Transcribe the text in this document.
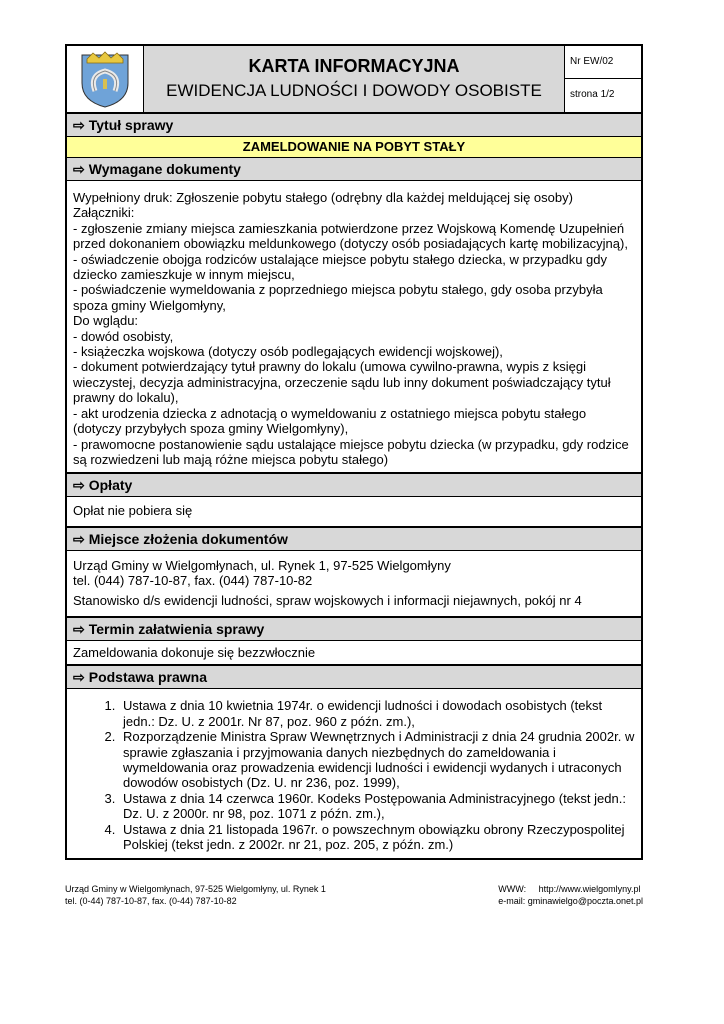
KARTA INFORMACYJNA
EWIDENCJA LUDNOŚCI I DOWODY OSOBISTE
Nr EW/02
strona 1/2
⇨ Tytuł sprawy
ZAMELDOWANIE NA POBYT STAŁY
⇨ Wymagane dokumenty

Wypełniony druk: Zgłoszenie pobytu stałego (odrębny dla każdej meldującej się osoby)

Załączniki:

- zgłoszenie zmiany miejsca zamieszkania potwierdzone przez Wojskową Komendę Uzupełnień przed dokonaniem obowiązku meldunkowego (dotyczy osób posiadających kartę mobilizacyjną),

- oświadczenie obojga rodziców ustalające miejsce pobytu stałego dziecka, w przypadku gdy dziecko zamieszkuje w innym miejscu,

- poświadczenie wymeldowania z poprzedniego miejsca pobytu stałego, gdy osoba przybyła spoza gminy Wielgomłyny,

Do wglądu:

- dowód osobisty,

- książeczka wojskowa (dotyczy osób podlegających ewidencji wojskowej),

- dokument potwierdzający tytuł prawny do lokalu (umowa cywilno-prawna, wypis z księgi wieczystej, decyzja administracyjna, orzeczenie sądu lub inny dokument poświadczający tytuł prawny do lokalu),

- akt urodzenia dziecka z adnotacją o wymeldowaniu z ostatniego miejsca pobytu stałego (dotyczy przybyłych spoza gminy Wielgomłyny),

- prawomocne postanowienie sądu ustalające miejsce pobytu dziecka (w przypadku, gdy rodzice są rozwiedzeni lub mają różne miejsca pobytu stałego)

⇨ Opłaty

Opłat nie pobiera się

⇨ Miejsce złożenia dokumentów

Urząd Gminy w Wielgomłynach, ul. Rynek 1, 97-525 Wielgomłyny

tel. (044) 787-10-87, fax. (044) 787-10-82

Stanowisko d/s ewidencji ludności, spraw wojskowych i informacji niejawnych, pokój nr 4

⇨ Termin załatwienia sprawy

Zameldowania dokonuje się bezzwłocznie

⇨ Podstawa prawna
1. Ustawa z dnia 10 kwietnia 1974r. o ewidencji ludności i dowodach osobistych (tekst jedn.: Dz. U. z 2001r. Nr 87, poz. 960 z późn. zm.),
2. Rozporządzenie Ministra Spraw Wewnętrznych i Administracji z dnia 24 grudnia 2002r. w sprawie zgłaszania i przyjmowania danych niezbędnych do zameldowania i wymeldowania oraz prowadzenia ewidencji ludności i ewidencji wydanych i utraconych dowodów osobistych (Dz. U. nr 236, poz. 1999),
3. Ustawa z dnia 14 czerwca 1960r. Kodeks Postępowania Administracyjnego (tekst jedn.: Dz. U. z 2000r. nr 98, poz. 1071 z późn. zm.),
4. Ustawa z dnia 21 listopada 1967r. o powszechnym obowiązku obrony Rzeczypospolitej Polskiej (tekst jedn. z 2002r. nr 21, poz. 205, z późn. zm.)
Urząd Gminy w Wielgomłynach, 97-525 Wielgomłyny, ul. Rynek 1
tel. (0-44) 787-10-87, fax. (0-44) 787-10-82
WWW:     http://www.wielgomlyny.pl
e-mail: gminawielgo@poczta.onet.pl
